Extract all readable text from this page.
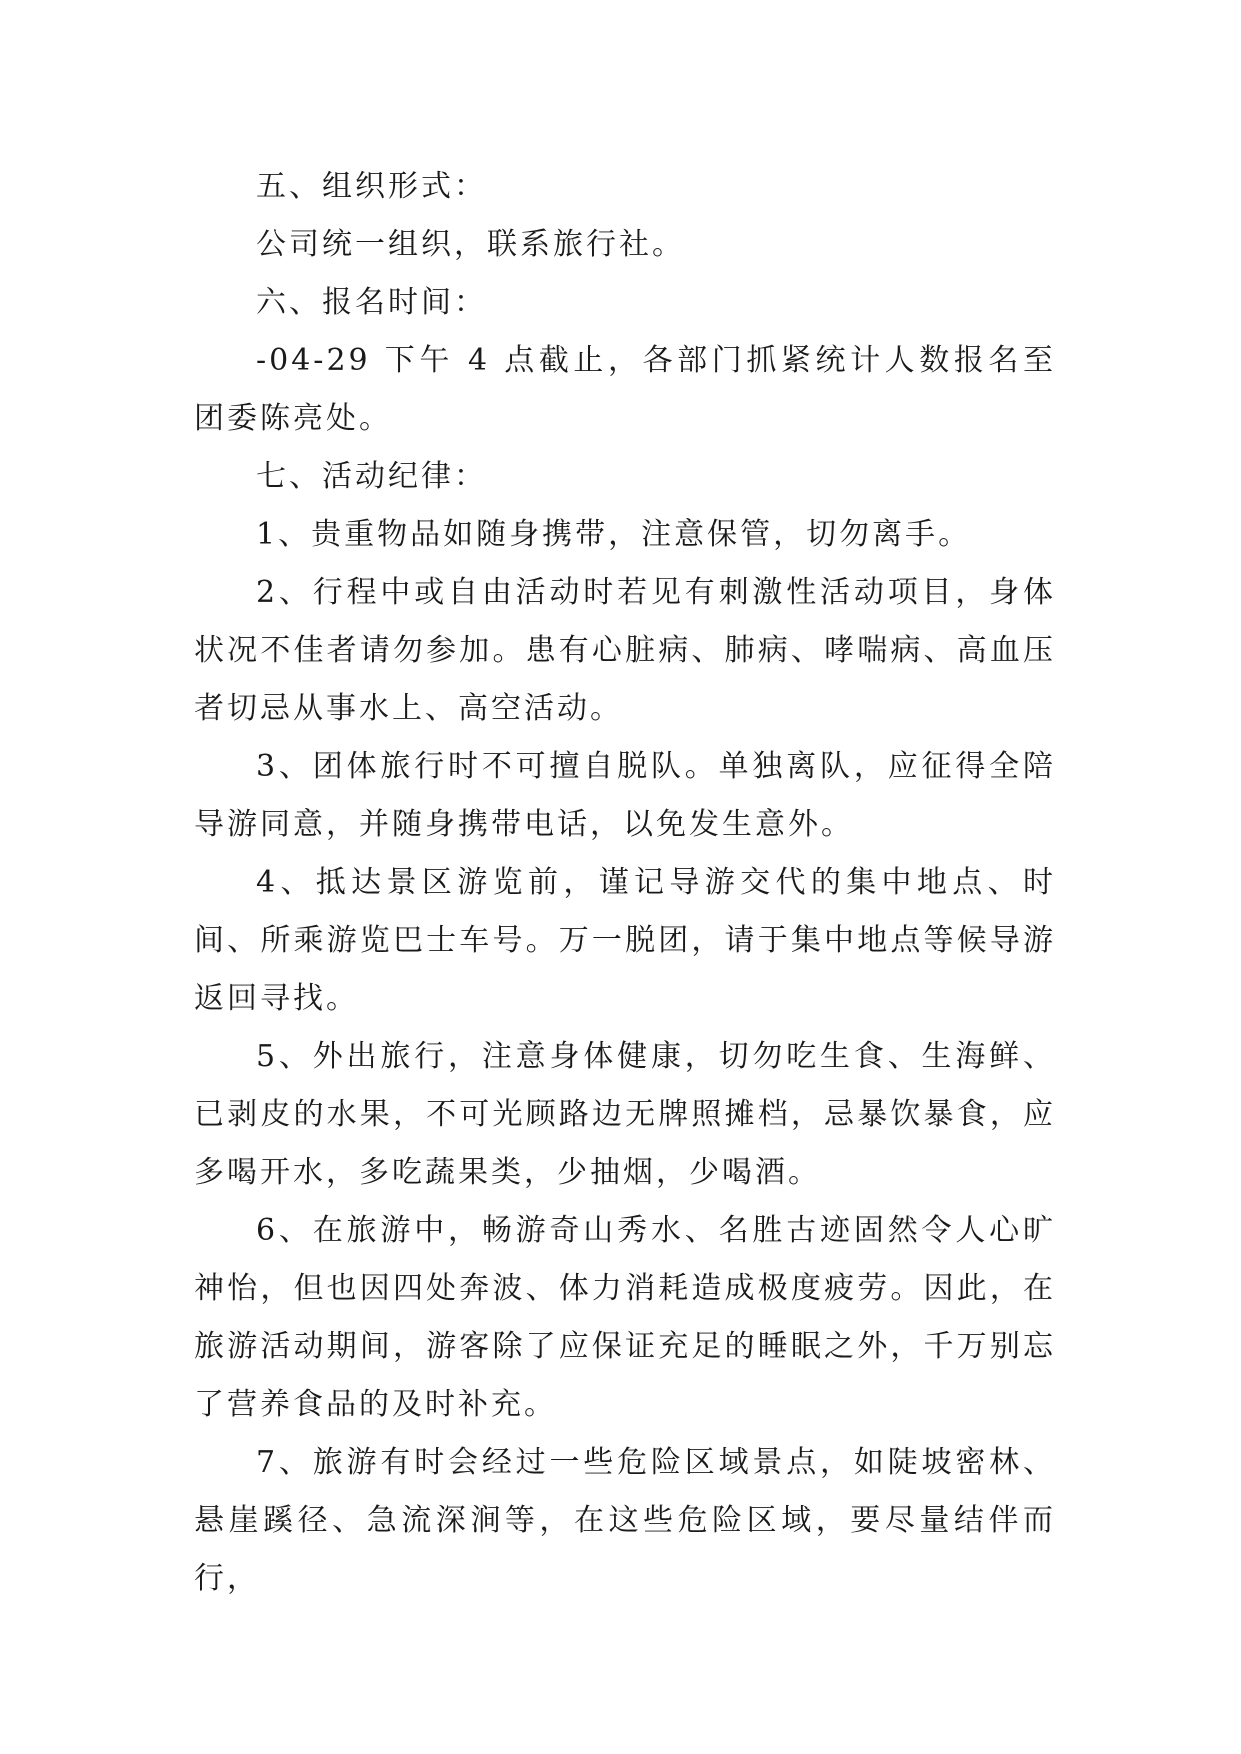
五、组织形式：

公司统一组织，联系旅行社。

六、报名时间：

-04-29 下午 4 点截止，各部门抓紧统计人数报名至团委陈亮处。

七、活动纪律：

1、贵重物品如随身携带，注意保管，切勿离手。

2、行程中或自由活动时若见有刺激性活动项目，身体状况不佳者请勿参加。患有心脏病、肺病、哮喘病、高血压者切忌从事水上、高空活动。

3、团体旅行时不可擅自脱队。单独离队，应征得全陪导游同意，并随身携带电话，以免发生意外。

4、抵达景区游览前，谨记导游交代的集中地点、时间、所乘游览巴士车号。万一脱团，请于集中地点等候导游返回寻找。

5、外出旅行，注意身体健康，切勿吃生食、生海鲜、已剥皮的水果，不可光顾路边无牌照摊档，忌暴饮暴食，应多喝开水，多吃蔬果类，少抽烟，少喝酒。

6、在旅游中，畅游奇山秀水、名胜古迹固然令人心旷神怡，但也因四处奔波、体力消耗造成极度疲劳。因此，在旅游活动期间，游客除了应保证充足的睡眠之外，千万别忘了营养食品的及时补充。

7、旅游有时会经过一些危险区域景点，如陡坡密林、悬崖蹊径、急流深涧等，在这些危险区域，要尽量结伴而行，
